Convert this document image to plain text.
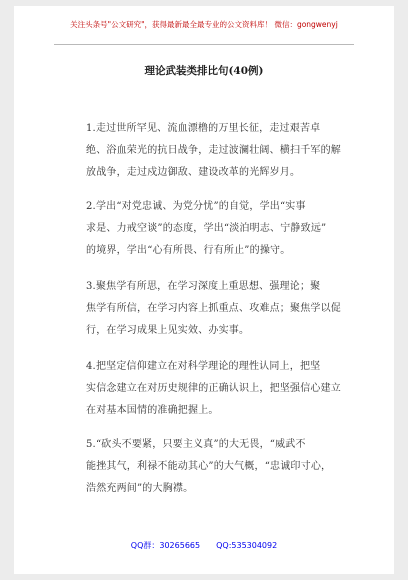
关注头条号"公文研究"，获得最新最全最专业的公文资料库！ 微信：gongwenyj
理论武装类排比句(40例)
1.走过世所罕见、流血漂橹的万里长征，走过艰苦卓
绝、浴血荣光的抗日战争，走过波澜壮阔、横扫千军的解
放战争，走过戍边御敌、建设改革的光辉岁月。
2.学出“对党忠诚、为党分忧”的自觉，学出“实事
求是、力戒空谈”的态度，学出“淡泊明志、宁静致远”
的境界，学出“心有所畏、行有所止”的操守。
3.聚焦学有所思，在学习深度上重思想、强理论；聚
焦学有所信，在学习内容上抓重点、攻难点；聚焦学以促
行，在学习成果上见实效、办实事。
4.把坚定信仰建立在对科学理论的理性认同上，把坚
实信念建立在对历史规律的正确认识上，把坚强信心建立
在对基本国情的准确把握上。
5.“砍头不要紧，只要主义真”的大无畏，“威武不
能挫其气，利禄不能动其心”的大气概，“忠诚印寸心，
浩然充两间”的大胸襟。
QQ群：30265665 QQ:535304092
